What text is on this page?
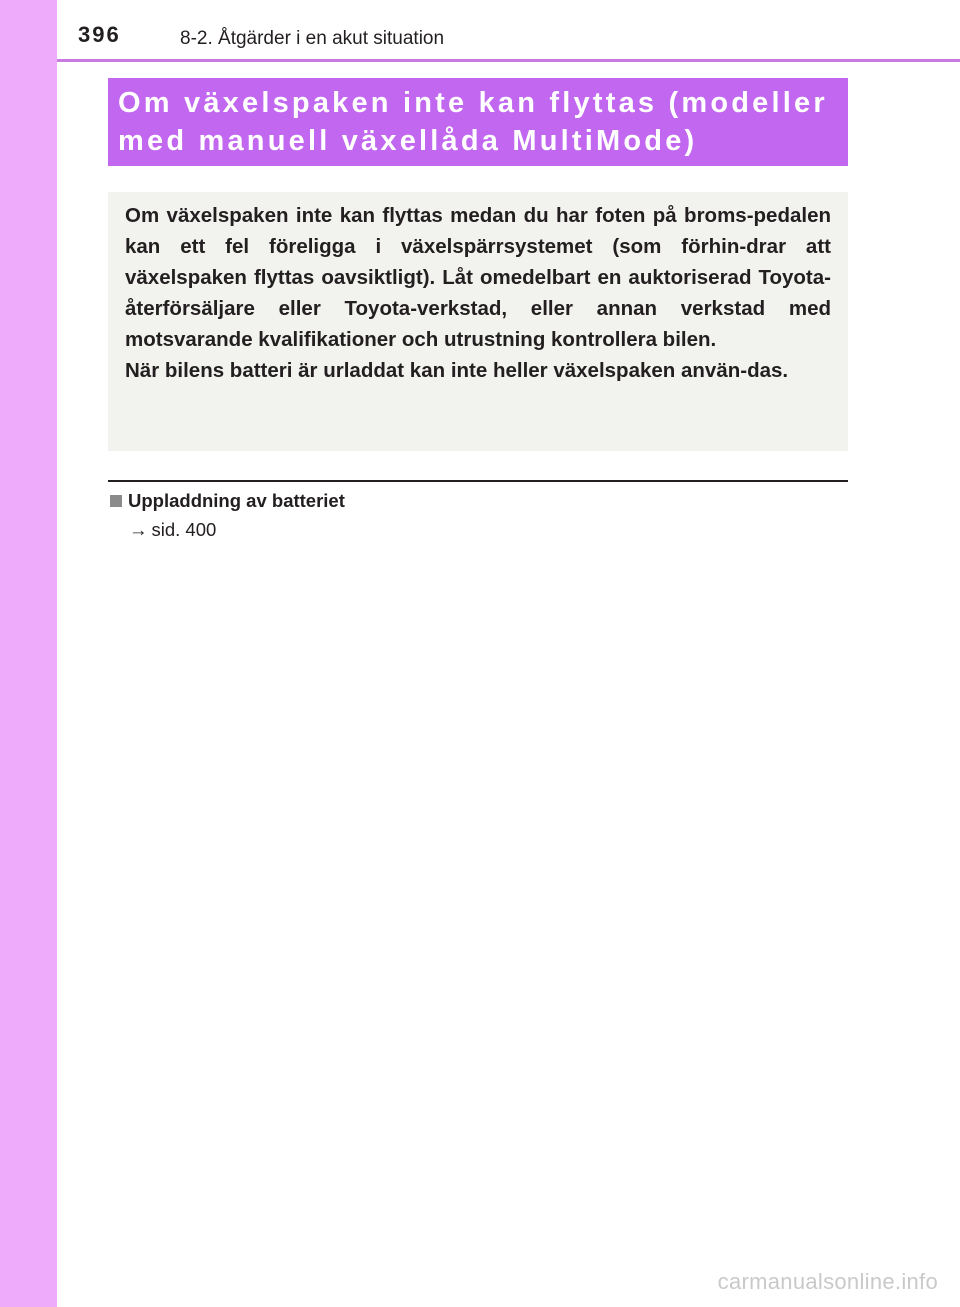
396	8-2. Åtgärder i en akut situation
Om växelspaken inte kan flyttas (modeller
med manuell växellåda MultiMode)

Om växelspaken inte kan flyttas medan du har foten på broms-pedalen kan ett fel föreligga i växelspärrsystemet (som förhin-drar att växelspaken flyttas oavsiktligt). Låt omedelbart en auktoriserad Toyota-återförsäljare eller Toyota-verkstad, eller annan verkstad med motsvarande kvalifikationer och utrustning kontrollera bilen.

När bilens batteri är urladdat kan inte heller växelspaken använ-das.

Uppladdning av batteriet
→ sid. 400
carmanualsonline.info
